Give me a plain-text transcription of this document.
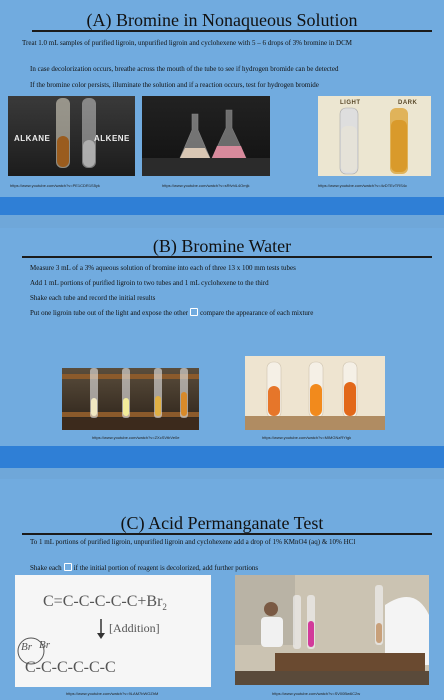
(A) Bromine in Nonaqueous Solution
Treat 1.0 mL samples of purified ligroin, unpurified ligroin and cyclohexene with 5 – 6 drops of 3% bromine in DCM
In case decolorization occurs, breathe across the mouth of the tube to see if hydrogen bromide can be detected
If the bromine color persists, illuminate the solution and if a reaction occurs, test for hydrogen bromide
ALKANE	ALKENE
https://www.youtube.com/watch?v=PE1CDR1S5yk	https://www.youtube.com/watch?v=sRfvhlL4Omjk
LIGHT	DARK
https://www.youtube.com/watch?v=4vDTEvTRS4c
(B) Bromine Water
Measure 3 mL of a 3% aqueous solution of bromine into each of three 13 x 100 mm tests tubes
Add 1 mL portions of purified ligroin to two tubes and 1 mL cyclohexene to the third
Shake each tube and record the initial results
Put one ligroin tube out of the light and expose the other compare the appearance of each mixture
https://www.youtube.com/watch?v=ZXcSVtbVe0e	https://www.youtube.com/watch?v=MIMGNzRYtgk
(C) Acid Permanganate Test
To 1 mL portions of purified ligroin, unpurified ligroin and cyclohexene add a drop of 1% KMnO4 (aq) & 10% HCl
Shake each if the initial portion of reagent is decolorized, add further portions
$C=C-C-C-C-C+Br_2$
[Addition]
Br Br
C-C-C-C-C-C
https://www.youtube.com/watch?v=9LAM7bWOZhM	https://www.youtube.com/watch?v=SV00Bw6C2w
